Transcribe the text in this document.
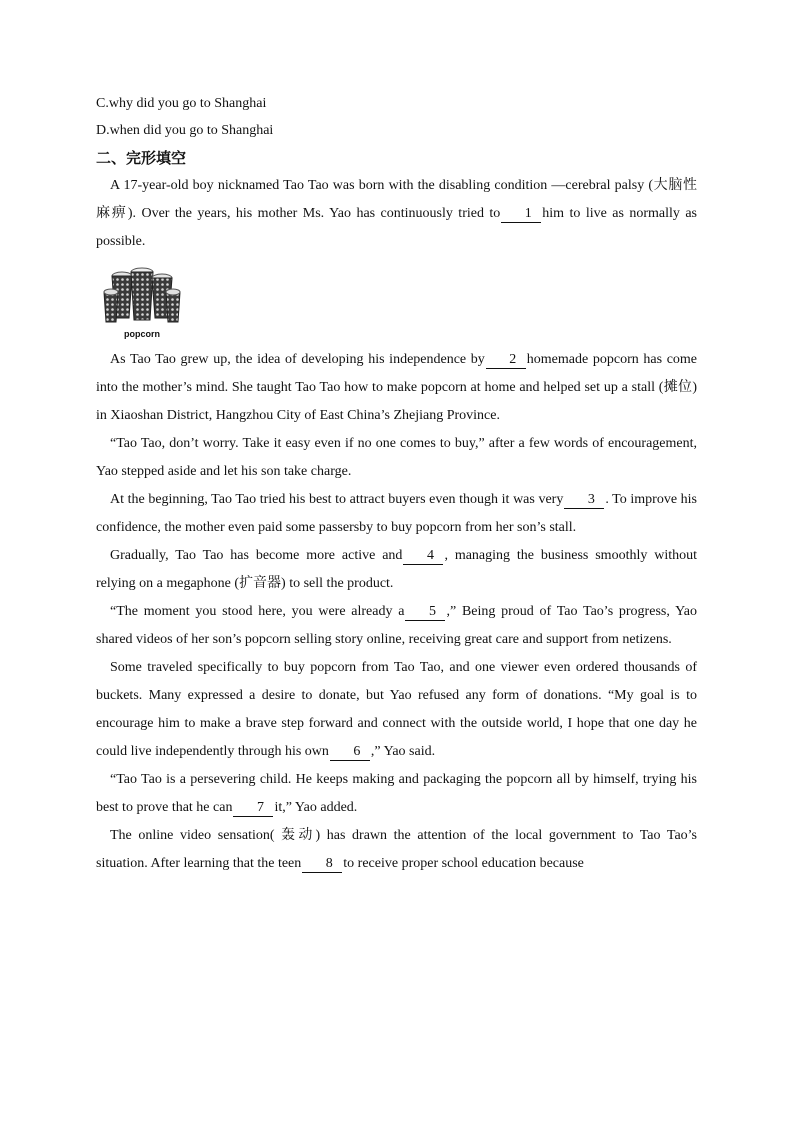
C.why did you go to Shanghai

D.when did you go to Shanghai

二、完形填空

A 17-year-old boy nicknamed Tao Tao was born with the disabling condition —cerebral palsy (大脑性麻痹). Over the years, his mother Ms. Yao has continuously tried to 1 him to live as normally as possible.

popcorn

As Tao Tao grew up, the idea of developing his independence by 2 homemade popcorn has come into the mother’s mind. She taught Tao Tao how to make popcorn at home and helped set up a stall (摊位) in Xiaoshan District, Hangzhou City of East China’s Zhejiang Province.

“Tao Tao, don’t worry. Take it easy even if no one comes to buy,” after a few words of encouragement, Yao stepped aside and let his son take charge.

At the beginning, Tao Tao tried his best to attract buyers even though it was very 3 . To improve his confidence, the mother even paid some passersby to buy popcorn from her son’s stall.

Gradually, Tao Tao has become more active and 4 , managing the business smoothly without relying on a megaphone (扩音器) to sell the product.

“The moment you stood here, you were already a 5 ,” Being proud of Tao Tao’s progress, Yao shared videos of her son’s popcorn selling story online, receiving great care and support from netizens.

Some traveled specifically to buy popcorn from Tao Tao, and one viewer even ordered thousands of buckets. Many expressed a desire to donate, but Yao refused any form of donations. “My goal is to encourage him to make a brave step forward and connect with the outside world, I hope that one day he could live independently through his own 6 ,” Yao said.

“Tao Tao is a persevering child. He keeps making and packaging the popcorn all by himself, trying his best to prove that he can 7 it,” Yao added.

The online video sensation( 轰动) has drawn the attention of the local government to Tao Tao’s situation. After learning that the teen 8 to receive proper school education because
